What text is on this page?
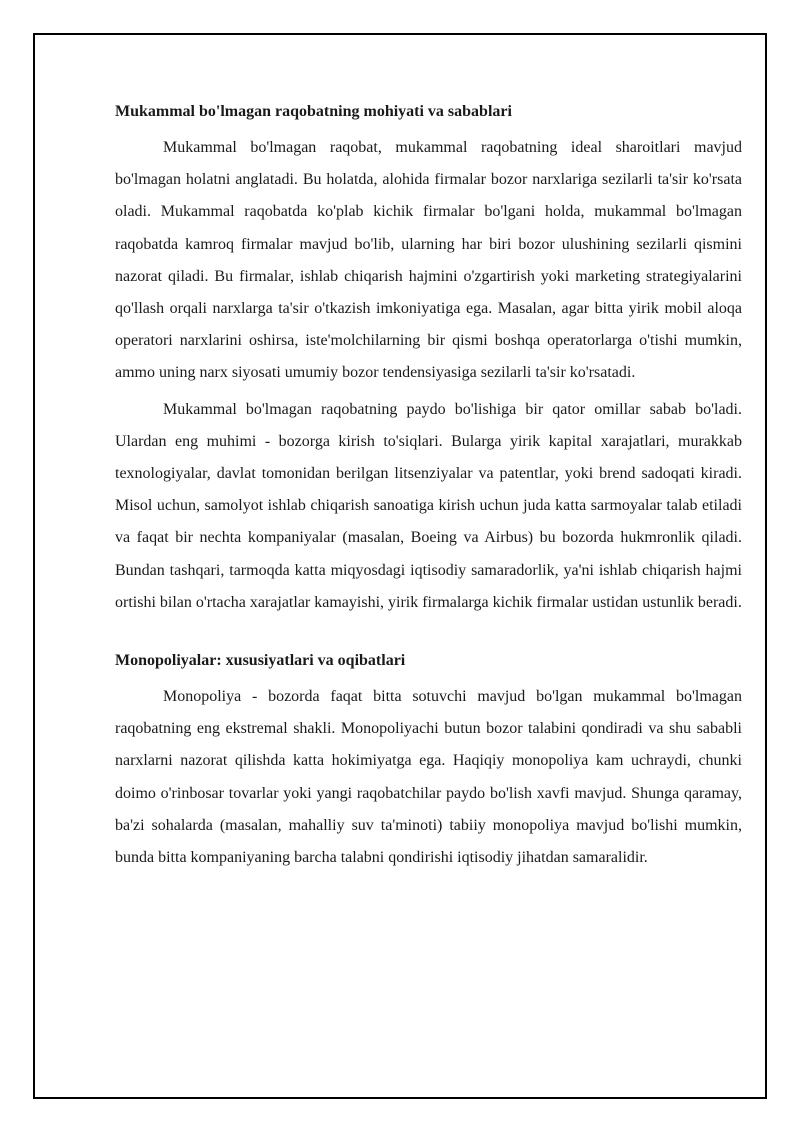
Mukammal bo'lmagan raqobatning mohiyati va sabablari

Mukammal bo'lmagan raqobat, mukammal raqobatning ideal sharoitlari mavjud bo'lmagan holatni anglatadi. Bu holatda, alohida firmalar bozor narxlariga sezilarli ta'sir ko'rsata oladi. Mukammal raqobatda ko'plab kichik firmalar bo'lgani holda, mukammal bo'lmagan raqobatda kamroq firmalar mavjud bo'lib, ularning har biri bozor ulushining sezilarli qismini nazorat qiladi. Bu firmalar, ishlab chiqarish hajmini o'zgartirish yoki marketing strategiyalarini qo'llash orqali narxlarga ta'sir o'tkazish imkoniyatiga ega. Masalan, agar bitta yirik mobil aloqa operatori narxlarini oshirsa, iste'molchilarning bir qismi boshqa operatorlarga o'tishi mumkin, ammo uning narx siyosati umumiy bozor tendensiyasiga sezilarli ta'sir ko'rsatadi.

Mukammal bo'lmagan raqobatning paydo bo'lishiga bir qator omillar sabab bo'ladi. Ulardan eng muhimi - bozorga kirish to'siqlari. Bularga yirik kapital xarajatlari, murakkab texnologiyalar, davlat tomonidan berilgan litsenziyalar va patentlar, yoki brend sadoqati kiradi. Misol uchun, samolyot ishlab chiqarish sanoatiga kirish uchun juda katta sarmoyalar talab etiladi va faqat bir nechta kompaniyalar (masalan, Boeing va Airbus) bu bozorda hukmronlik qiladi. Bundan tashqari, tarmoqda katta miqyosdagi iqtisodiy samaradorlik, ya'ni ishlab chiqarish hajmi ortishi bilan o'rtacha xarajatlar kamayishi, yirik firmalarga kichik firmalar ustidan ustunlik beradi.

Monopoliyalar: xususiyatlari va oqibatlari

Monopoliya - bozorda faqat bitta sotuvchi mavjud bo'lgan mukammal bo'lmagan raqobatning eng ekstremal shakli. Monopoliyachi butun bozor talabini qondiradi va shu sababli narxlarni nazorat qilishda katta hokimiyatga ega. Haqiqiy monopoliya kam uchraydi, chunki doimo o'rinbosar tovarlar yoki yangi raqobatchilar paydo bo'lish xavfi mavjud. Shunga qaramay, ba'zi sohalarda (masalan, mahalliy suv ta'minoti) tabiiy monopoliya mavjud bo'lishi mumkin, bunda bitta kompaniyaning barcha talabni qondirishi iqtisodiy jihatdan samaralidir.
